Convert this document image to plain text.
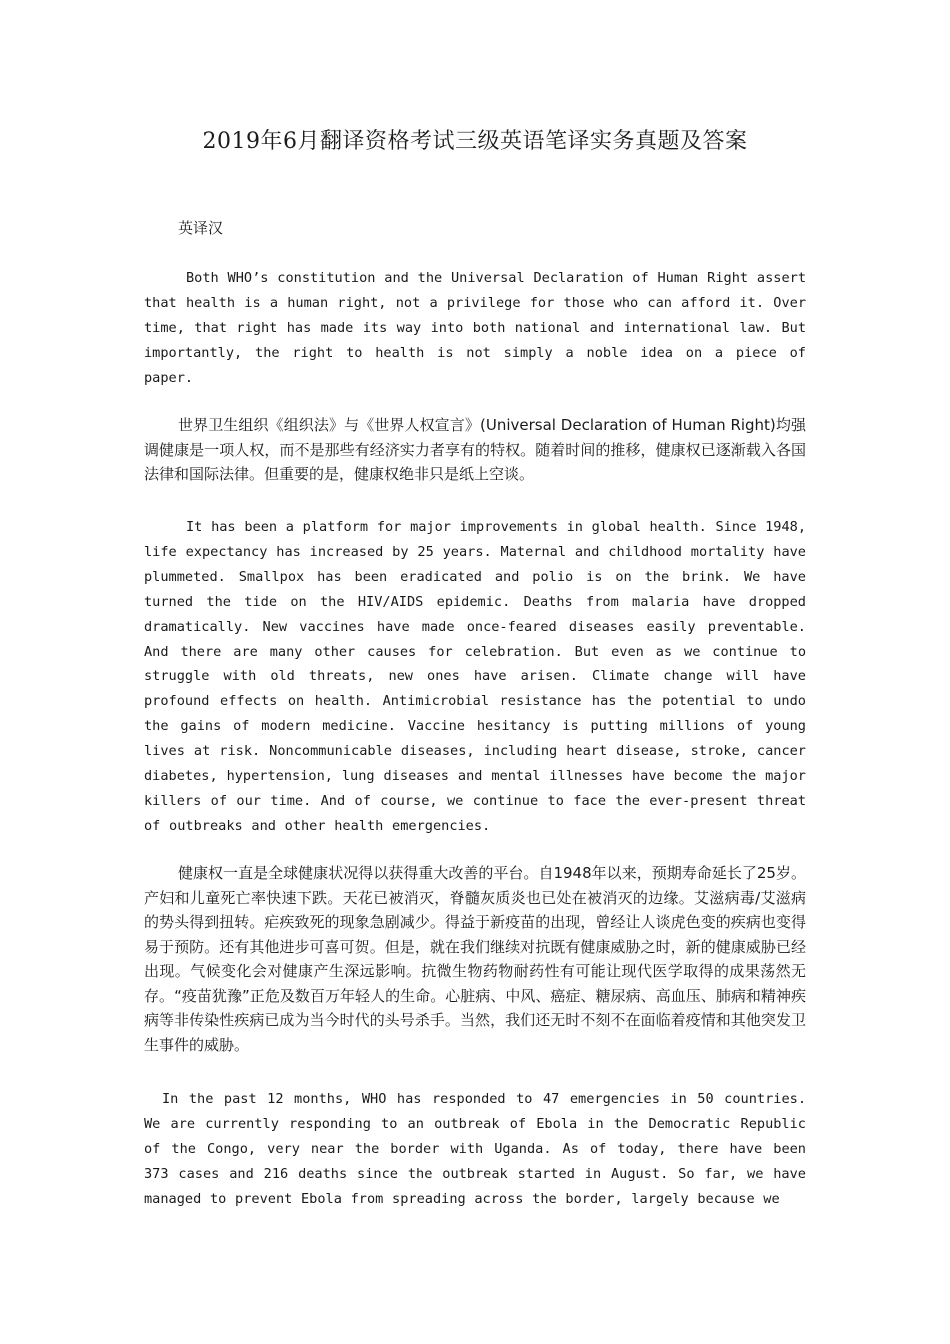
2019年6月翻译资格考试三级英语笔译实务真题及答案
英译汉

Both WHO’s constitution and the Universal Declaration of Human Right assert that health is a human right, not a privilege for those who can afford it. Over time, that right has made its way into both national and international law. But importantly, the right to health is not simply a noble idea on a piece of paper.

世界卫生组织《组织法》与《世界人权宣言》(Universal Declaration of Human Right)均强调健康是一项人权，而不是那些有经济实力者享有的特权。随着时间的推移，健康权已逐渐载入各国法律和国际法律。但重要的是，健康权绝非只是纸上空谈。

It has been a platform for major improvements in global health. Since 1948, life expectancy has increased by 25 years. Maternal and childhood mortality have plummeted. Smallpox has been eradicated and polio is on the brink. We have turned the tide on the HIV/AIDS epidemic. Deaths from malaria have dropped dramatically. New vaccines have made once-feared diseases easily preventable. And there are many other causes for celebration. But even as we continue to struggle with old threats, new ones have arisen. Climate change will have profound effects on health. Antimicrobial resistance has the potential to undo the gains of modern medicine. Vaccine hesitancy is putting millions of young lives at risk. Noncommunicable diseases, including heart disease, stroke, cancer diabetes, hypertension, lung diseases and mental illnesses have become the major killers of our time. And of course, we continue to face the ever-present threat of outbreaks and other health emergencies.

健康权一直是全球健康状况得以获得重大改善的平台。自1948年以来，预期寿命延长了25岁。产妇和儿童死亡率快速下跌。天花已被消灭，脊髓灰质炎也已处在被消灭的边缘。艾滋病毒/艾滋病的势头得到扭转。疟疾致死的现象急剧减少。得益于新疫苗的出现，曾经让人谈虎色变的疾病也变得易于预防。还有其他进步可喜可贺。但是，就在我们继续对抗既有健康威胁之时，新的健康威胁已经出现。气候变化会对健康产生深远影响。抗微生物药物耐药性有可能让现代医学取得的成果荡然无存。“疫苗犹豫”正危及数百万年轻人的生命。心脏病、中风、癌症、糖尿病、高血压、肺病和精神疾病等非传染性疾病已成为当今时代的头号杀手。当然，我们还无时不刻不在面临着疫情和其他突发卫生事件的威胁。

In the past 12 months, WHO has responded to 47 emergencies in 50 countries. We are currently responding to an outbreak of Ebola in the Democratic Republic of the Congo, very near the border with Uganda. As of today, there have been 373 cases and 216 deaths since the outbreak started in August. So far, we have managed to prevent Ebola from spreading across the border, largely because we
